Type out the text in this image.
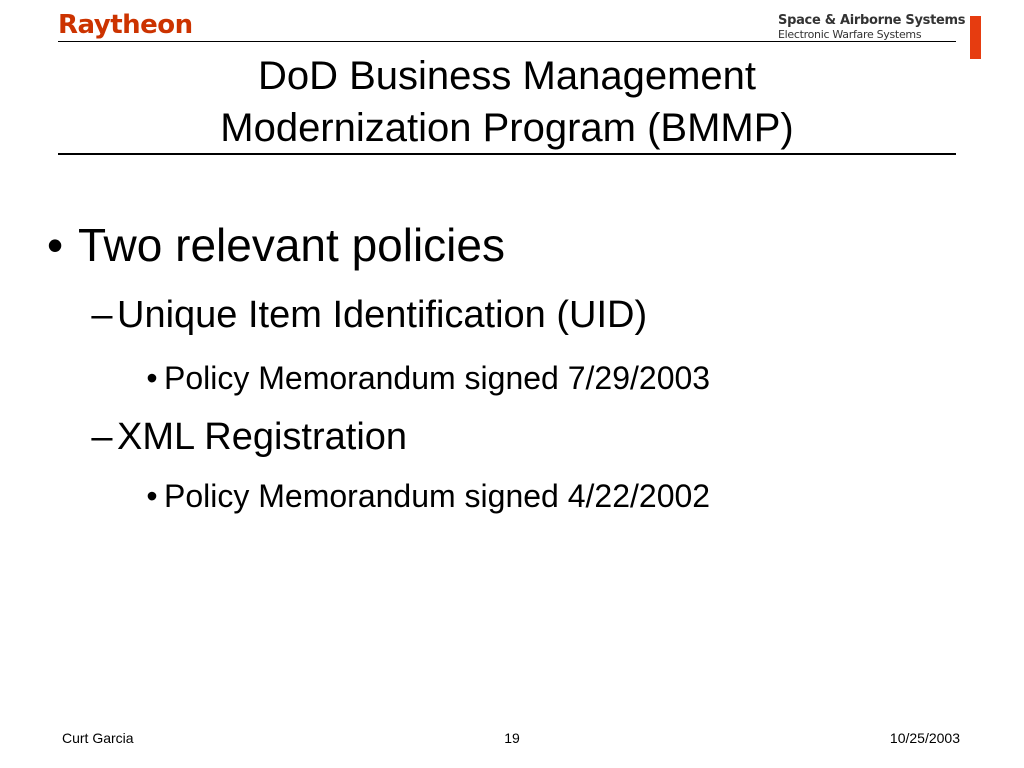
Raytheon	Space & Airborne Systems
Electronic Warfare Systems
DoD Business Management
Modernization Program (BMMP)
• Two relevant policies
– Unique Item Identification (UID)
• Policy Memorandum signed 7/29/2003
– XML Registration
• Policy Memorandum signed 4/22/2002
Curt Garcia	19	10/25/2003
